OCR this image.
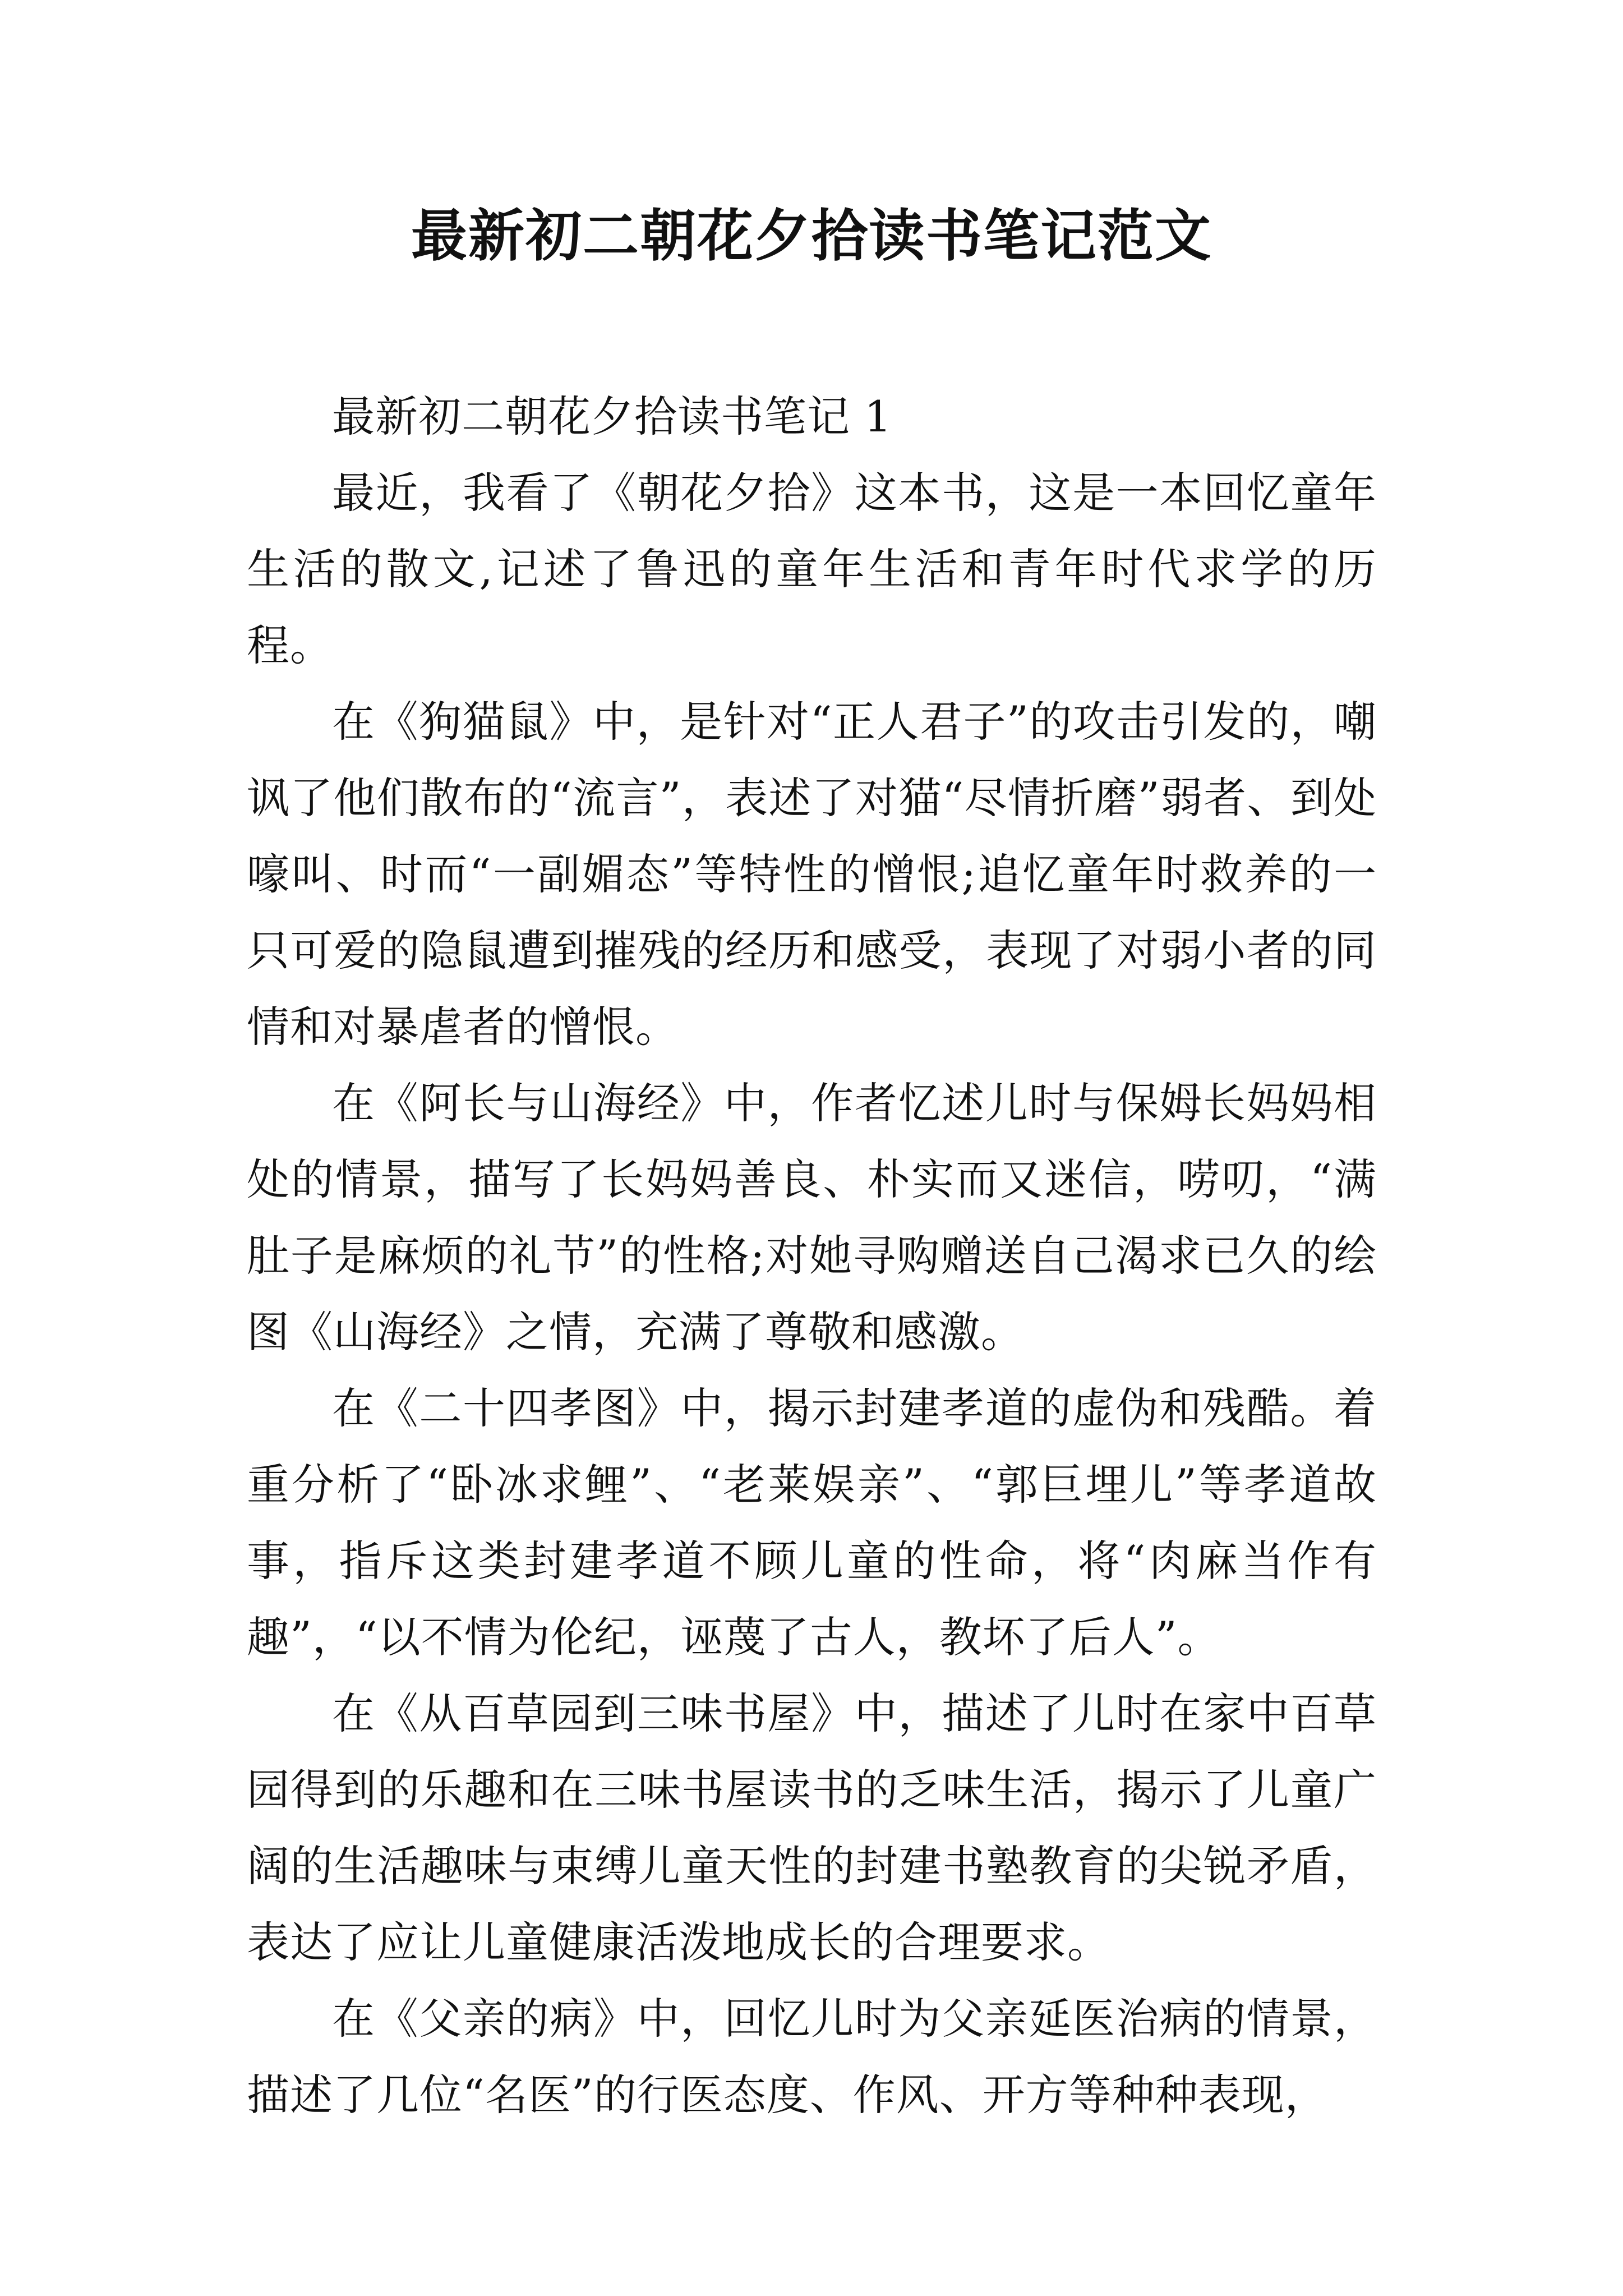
最新初二朝花夕拾读书笔记范文

最新初二朝花夕拾读书笔记 1

最近，我看了《朝花夕拾》这本书，这是一本回忆童年生活的散文,记述了鲁迅的童年生活和青年时代求学的历程。

在《狗猫鼠》中，是针对“正人君子”的攻击引发的，嘲讽了他们散布的“流言”，表述了对猫“尽情折磨”弱者、到处嚎叫、时而“一副媚态”等特性的憎恨;追忆童年时救养的一只可爱的隐鼠遭到摧残的经历和感受，表现了对弱小者的同情和对暴虐者的憎恨。

在《阿长与山海经》中，作者忆述儿时与保姆长妈妈相处的情景，描写了长妈妈善良、朴实而又迷信，唠叨，“满肚子是麻烦的礼节”的性格;对她寻购赠送自己渴求已久的绘图《山海经》之情，充满了尊敬和感激。

在《二十四孝图》中，揭示封建孝道的虚伪和残酷。着重分析了“卧冰求鲤”、“老莱娱亲”、“郭巨埋儿”等孝道故事，指斥这类封建孝道不顾儿童的性命，将“肉麻当作有趣”，“以不情为伦纪，诬蔑了古人，教坏了后人”。

在《从百草园到三味书屋》中，描述了儿时在家中百草园得到的乐趣和在三味书屋读书的乏味生活，揭示了儿童广阔的生活趣味与束缚儿童天性的封建书塾教育的尖锐矛盾，表达了应让儿童健康活泼地成长的合理要求。

在《父亲的病》中，回忆儿时为父亲延医治病的情景，描述了几位“名医”的行医态度、作风、开方等种种表现，
